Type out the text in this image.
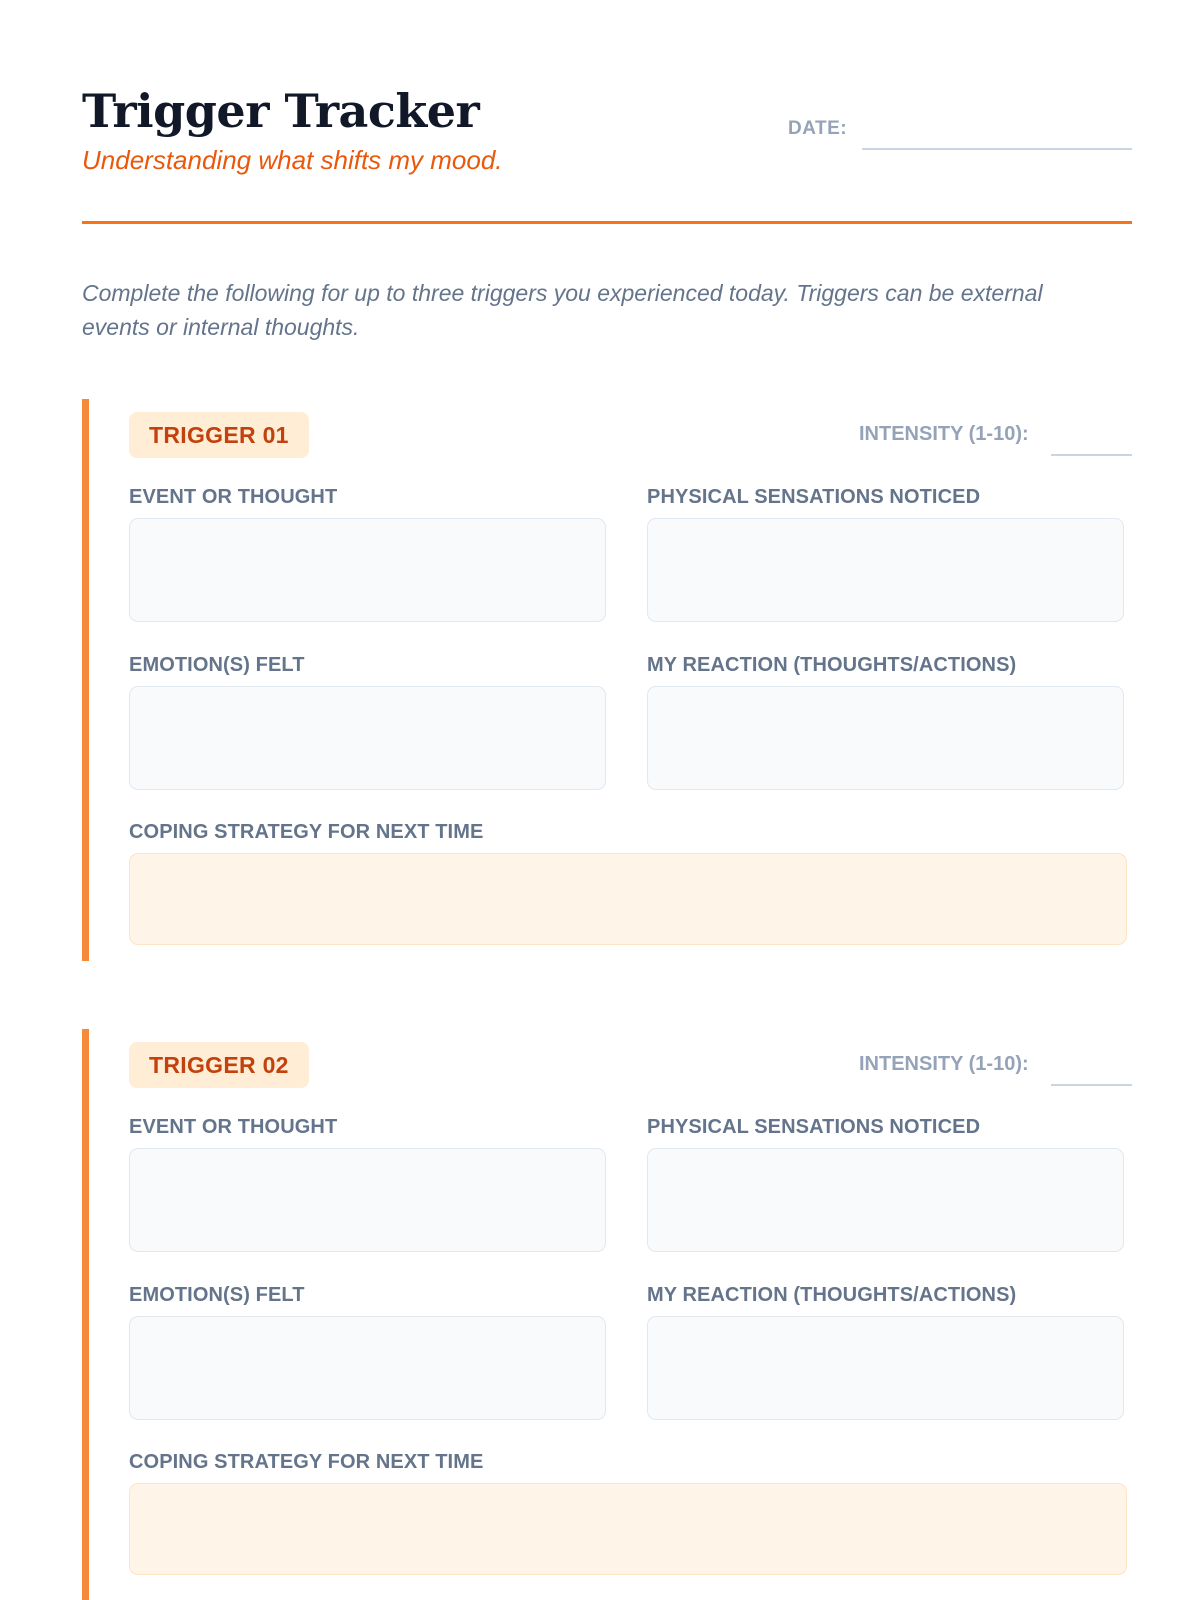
Trigger Tracker
Understanding what shifts my mood.
DATE:
Complete the following for up to three triggers you experienced today. Triggers can be external events or internal thoughts.
TRIGGER 01	INTENSITY (1-10):
EVENT OR THOUGHT	PHYSICAL SENSATIONS NOTICED
EMOTION(S) FELT	MY REACTION (THOUGHTS/ACTIONS)
COPING STRATEGY FOR NEXT TIME
TRIGGER 02	INTENSITY (1-10):
EVENT OR THOUGHT	PHYSICAL SENSATIONS NOTICED
EMOTION(S) FELT	MY REACTION (THOUGHTS/ACTIONS)
COPING STRATEGY FOR NEXT TIME
